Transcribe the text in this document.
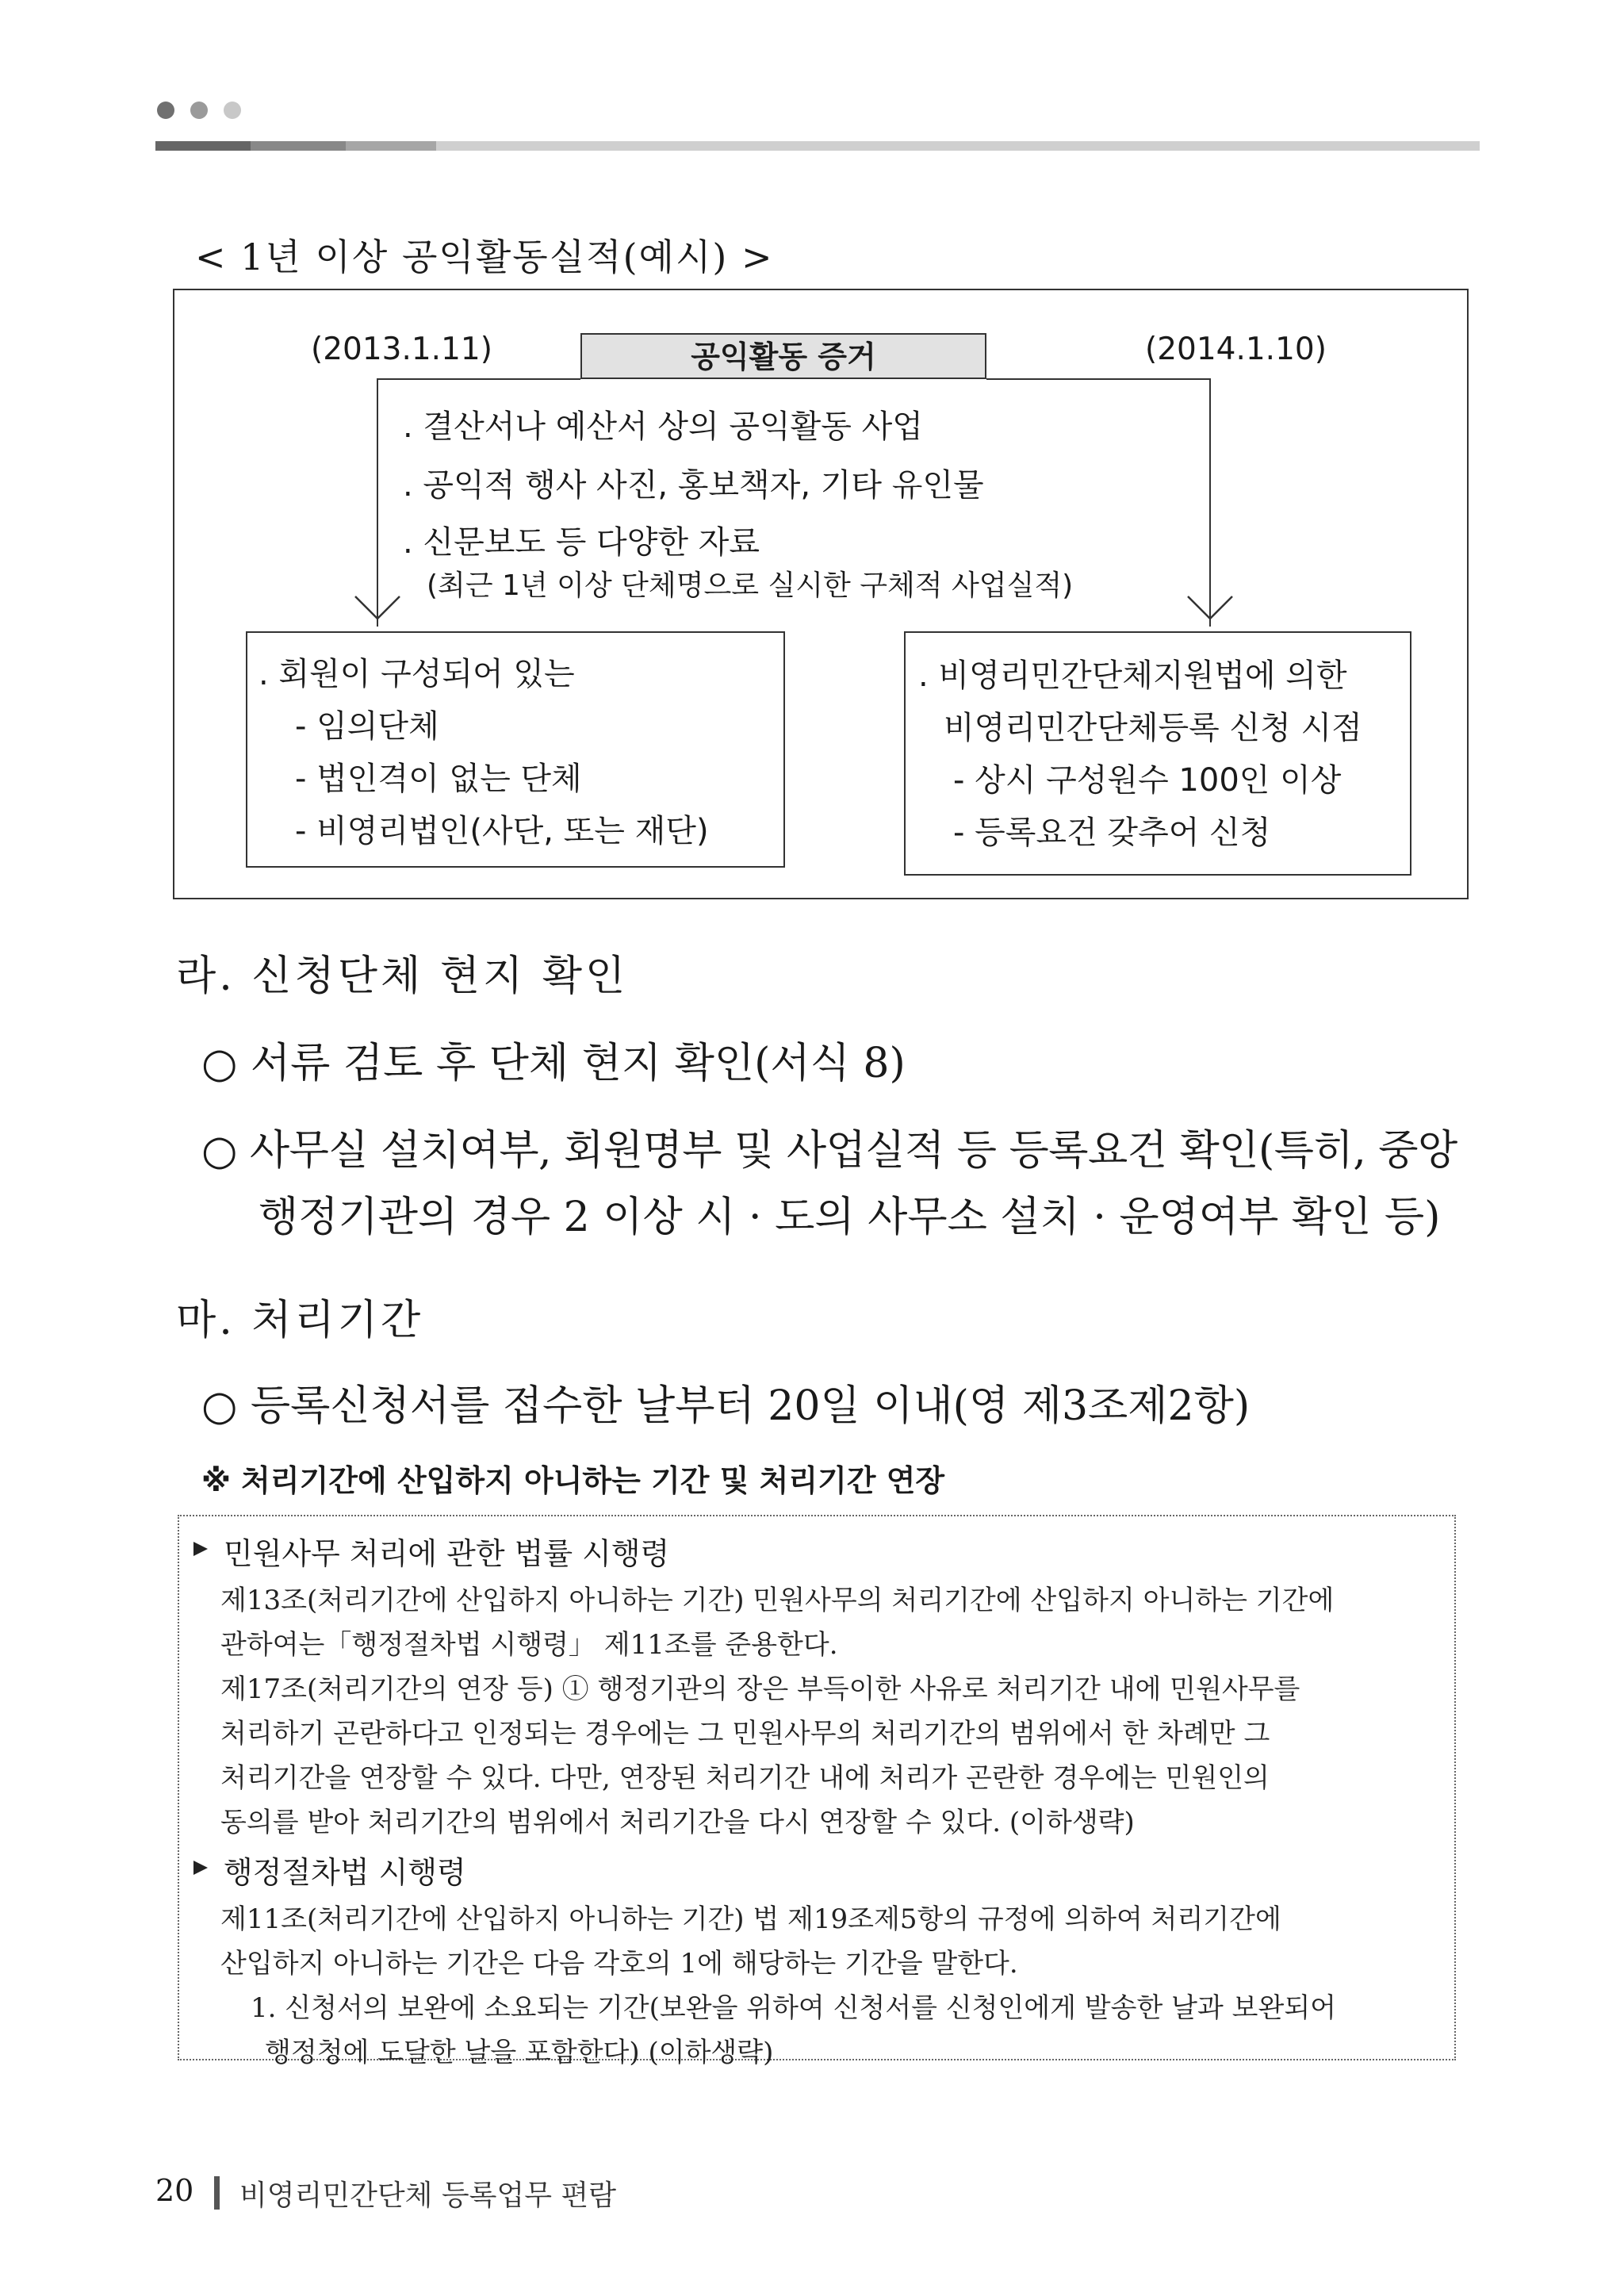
< 1년 이상 공익활동실적(예시) >
(2013.1.11)	(2014.1.10)
공익활동 증거
. 결산서나 예산서 상의 공익활동 사업
. 공익적 행사 사진, 홍보책자, 기타 유인물
. 신문보도 등 다양한 자료
(최근 1년 이상 단체명으로 실시한 구체적 사업실적)
. 회원이 구성되어 있는
- 임의단체
- 법인격이 없는 단체
- 비영리법인(사단, 또는 재단)
. 비영리민간단체지원법에 의한
비영리민간단체등록 신청 시점
- 상시 구성원수 100인 이상
- 등록요건 갖추어 신청
라. 신청단체 현지 확인
○ 서류 검토 후 단체 현지 확인(서식 8)
○ 사무실 설치여부, 회원명부 및 사업실적 등 등록요건 확인(특히, 중앙
행정기관의 경우 2 이상 시 · 도의 사무소 설치 · 운영여부 확인 등)
마. 처리기간
○ 등록신청서를 접수한 날부터 20일 이내(영 제3조제2항)
※ 처리기간에 산입하지 아니하는 기간 및 처리기간 연장
민원사무 처리에 관한 법률 시행령
제13조(처리기간에 산입하지 아니하는 기간) 민원사무의 처리기간에 산입하지 아니하는 기간에
관하여는「행정절차법 시행령」 제11조를 준용한다.
제17조(처리기간의 연장 등) ① 행정기관의 장은 부득이한 사유로 처리기간 내에 민원사무를
처리하기 곤란하다고 인정되는 경우에는 그 민원사무의 처리기간의 범위에서 한 차례만 그
처리기간을 연장할 수 있다. 다만, 연장된 처리기간 내에 처리가 곤란한 경우에는 민원인의
동의를 받아 처리기간의 범위에서 처리기간을 다시 연장할 수 있다. (이하생략)
행정절차법 시행령
제11조(처리기간에 산입하지 아니하는 기간) 법 제19조제5항의 규정에 의하여 처리기간에
산입하지 아니하는 기간은 다음 각호의 1에 해당하는 기간을 말한다.
1. 신청서의 보완에 소요되는 기간(보완을 위하여 신청서를 신청인에게 발송한 날과 보완되어
행정청에 도달한 날을 포함한다) (이하생략)
20 비영리민간단체 등록업무 편람
